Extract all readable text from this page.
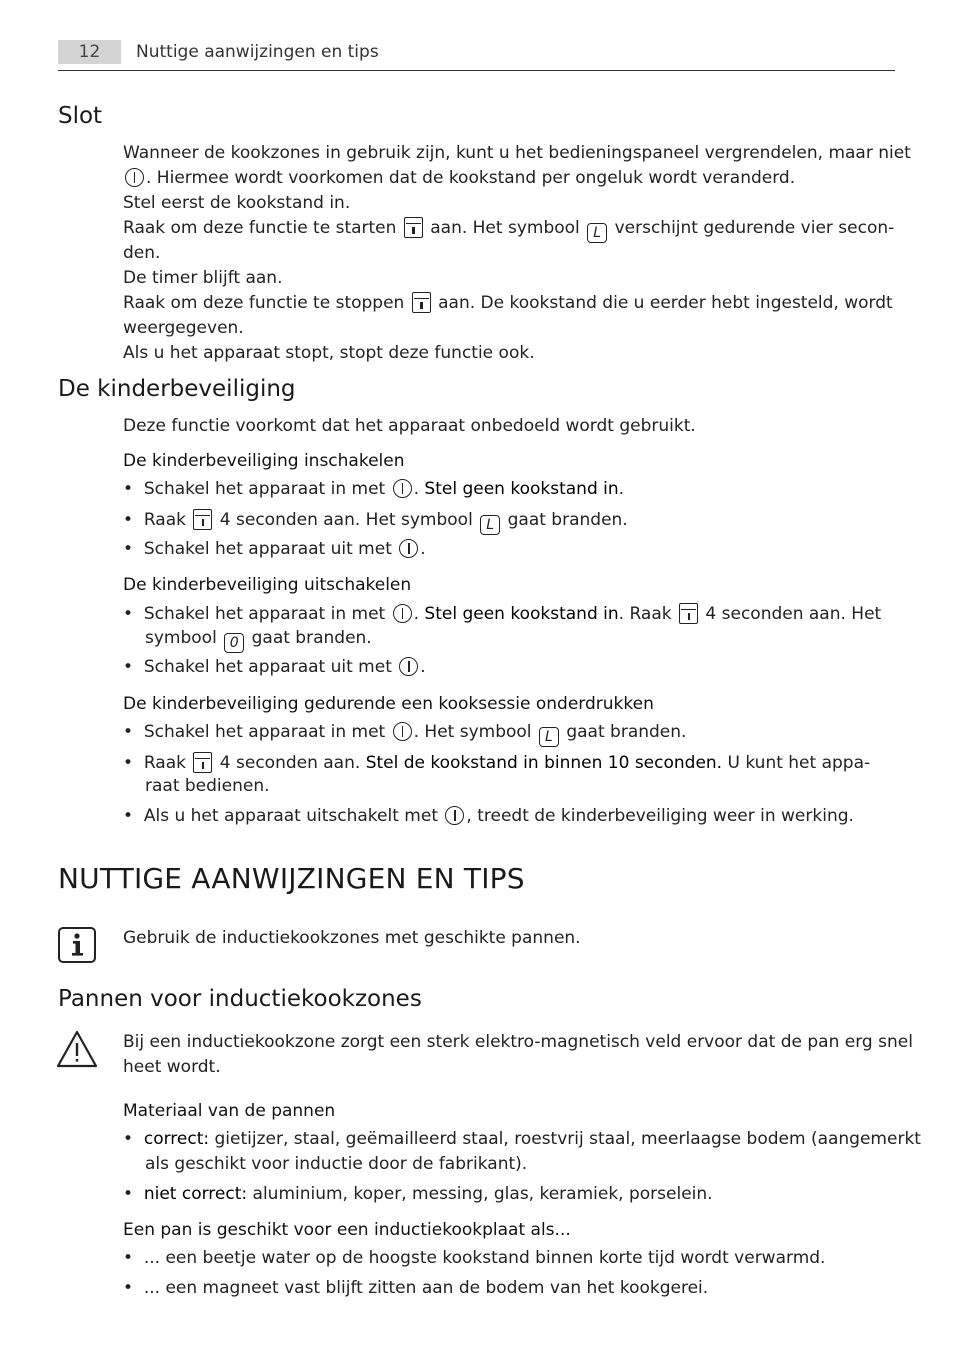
12	Nuttige aanwijzingen en tips
Slot
Wanneer de kookzones in gebruik zijn, kunt u het bedieningspaneel vergrendelen, maar niet
. Hiermee wordt voorkomen dat de kookstand per ongeluk wordt veranderd.
Stel eerst de kookstand in.
Raak om deze functie te starten aan. Het symbool L verschijnt gedurende vier secon-
den.
De timer blijft aan.
Raak om deze functie te stoppen aan. De kookstand die u eerder hebt ingesteld, wordt
weergegeven.
Als u het apparaat stopt, stopt deze functie ook.
De kinderbeveiliging
Deze functie voorkomt dat het apparaat onbedoeld wordt gebruikt.
De kinderbeveiliging inschakelen
•  Schakel het apparaat in met . Stel geen kookstand in.
•  Raak 4 seconden aan. Het symbool L gaat branden.
•  Schakel het apparaat uit met .
De kinderbeveiliging uitschakelen
•  Schakel het apparaat in met . Stel geen kookstand in. Raak 4 seconden aan. Het
symbool 0 gaat branden.
•  Schakel het apparaat uit met .
De kinderbeveiliging gedurende een kooksessie onderdrukken
•  Schakel het apparaat in met . Het symbool L gaat branden.
•  Raak 4 seconden aan. Stel de kookstand in binnen 10 seconden. U kunt het appa-
raat bedienen.
•  Als u het apparaat uitschakelt met , treedt de kinderbeveiliging weer in werking.
NUTTIGE AANWIJZINGEN EN TIPS
Gebruik de inductiekookzones met geschikte pannen.
Pannen voor inductiekookzones
Bij een inductiekookzone zorgt een sterk elektro-magnetisch veld ervoor dat de pan erg snel
heet wordt.
Materiaal van de pannen
•  correct: gietijzer, staal, geëmailleerd staal, roestvrij staal, meerlaagse bodem (aangemerkt
als geschikt voor inductie door de fabrikant).
•  niet correct: aluminium, koper, messing, glas, keramiek, porselein.
Een pan is geschikt voor een inductiekookplaat als...
•  ... een beetje water op de hoogste kookstand binnen korte tijd wordt verwarmd.
•  ... een magneet vast blijft zitten aan de bodem van het kookgerei.
